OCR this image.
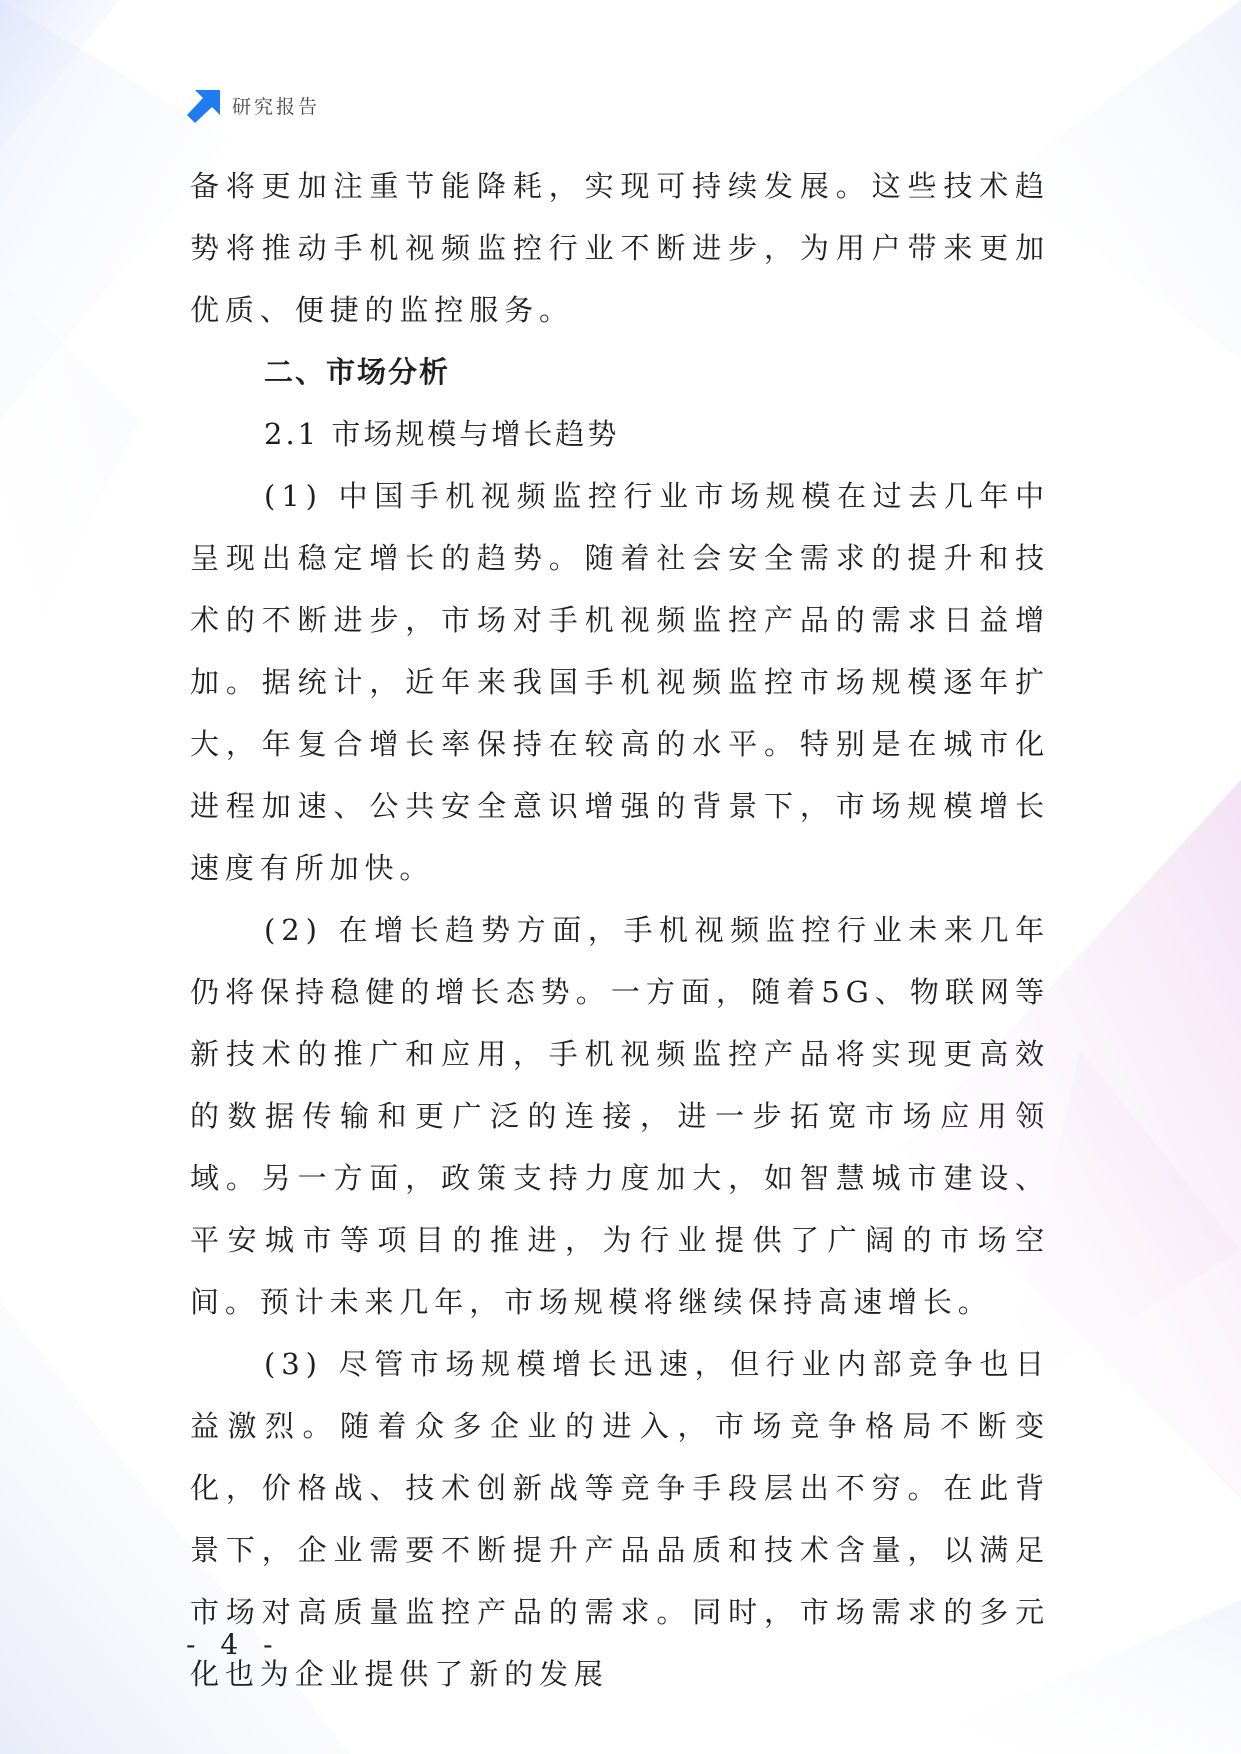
研究报告

备将更加注重节能降耗，实现可持续发展。这些技术趋势将推动手机视频监控行业不断进步，为用户带来更加优质、便捷的监控服务。

二、市场分析

2.1 市场规模与增长趋势

(1) 中国手机视频监控行业市场规模在过去几年中呈现出稳定增长的趋势。随着社会安全需求的提升和技术的不断进步，市场对手机视频监控产品的需求日益增加。据统计，近年来我国手机视频监控市场规模逐年扩大，年复合增长率保持在较高的水平。特别是在城市化进程加速、公共安全意识增强的背景下，市场规模增长速度有所加快。

(2) 在增长趋势方面，手机视频监控行业未来几年仍将保持稳健的增长态势。一方面，随着5G、物联网等新技术的推广和应用，手机视频监控产品将实现更高效的数据传输和更广泛的连接，进一步拓宽市场应用领域。另一方面，政策支持力度加大，如智慧城市建设、平安城市等项目的推进，为行业提供了广阔的市场空间。预计未来几年，市场规模将继续保持高速增长。

(3) 尽管市场规模增长迅速，但行业内部竞争也日益激烈。随着众多企业的进入，市场竞争格局不断变化，价格战、技术创新战等竞争手段层出不穷。在此背景下，企业需要不断提升产品品质和技术含量，以满足市场对高质量监控产品的需求。同时，市场需求的多元化也为企业提供了新的发展

- 4 -
